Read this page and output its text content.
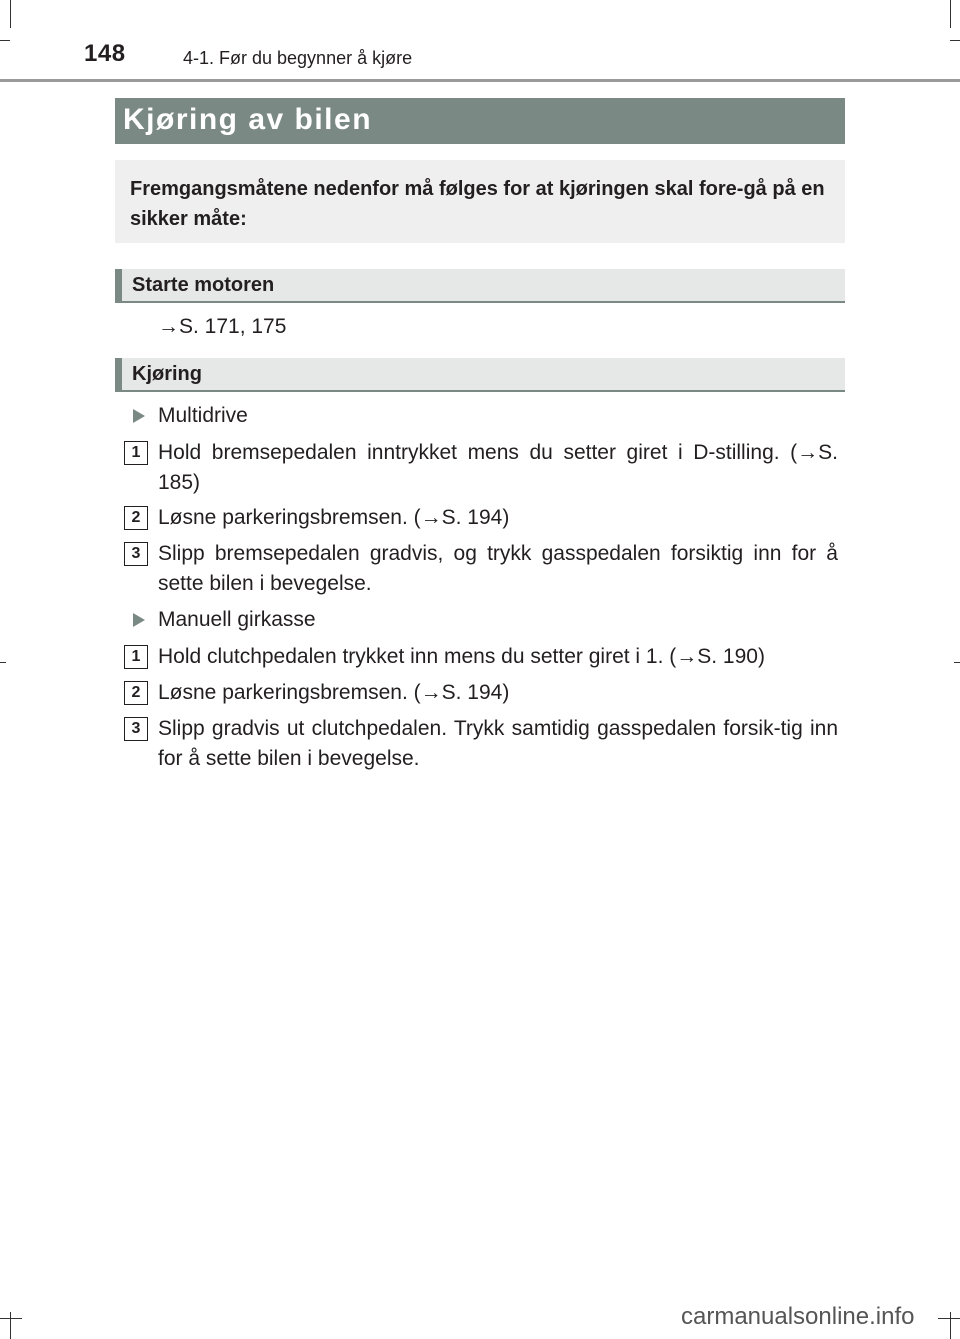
148	4-1. Før du begynner å kjøre
Kjøring av bilen
Fremgangsmåtene nedenfor må følges for at kjøringen skal fore-gå på en sikker måte:
Starte motoren
→S. 171, 175
Kjøring
Multidrive
1 Hold bremsepedalen inntrykket mens du setter giret i D-stilling. (→S. 185)
2 Løsne parkeringsbremsen. (→S. 194)
3 Slipp bremsepedalen gradvis, og trykk gasspedalen forsiktig inn for å sette bilen i bevegelse.
Manuell girkasse
1 Hold clutchpedalen trykket inn mens du setter giret i 1. (→S. 190)
2 Løsne parkeringsbremsen. (→S. 194)
3 Slipp gradvis ut clutchpedalen. Trykk samtidig gasspedalen forsik-tig inn for å sette bilen i bevegelse.
carmanualsonline.info
